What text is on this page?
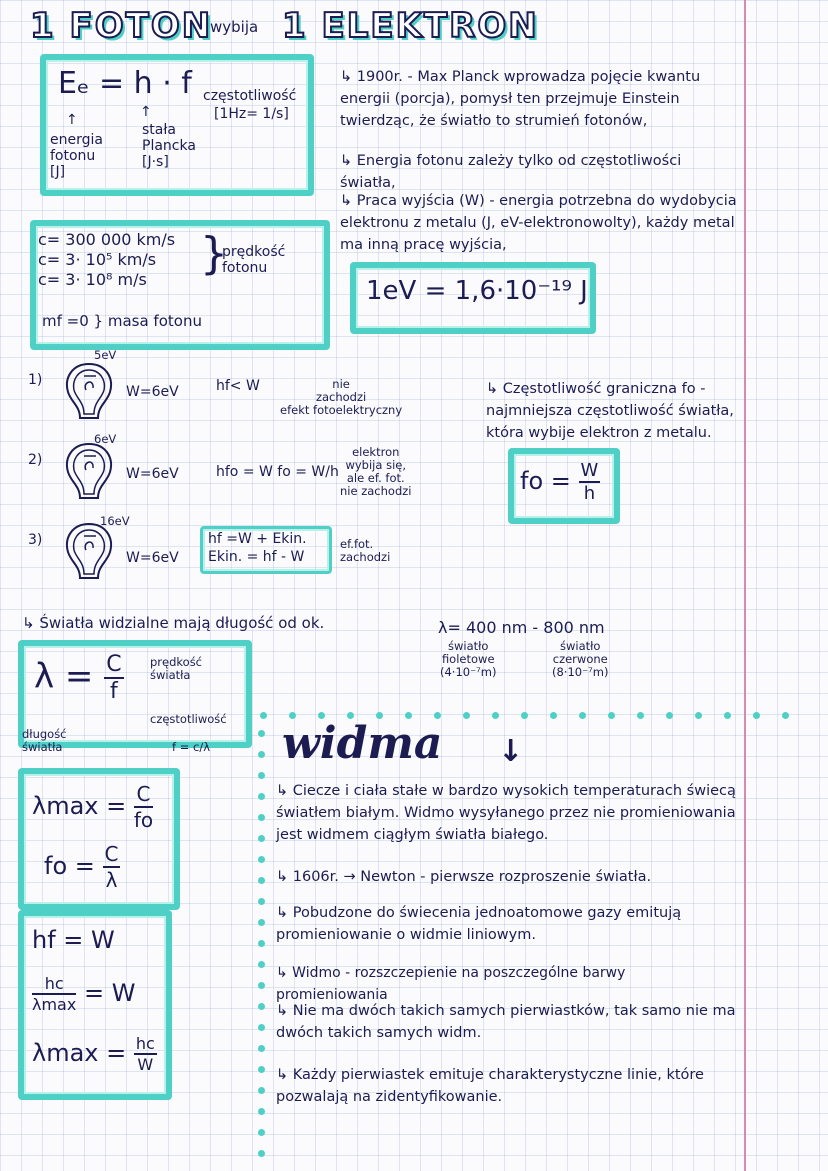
1 FOTON
wybija 1 ELEKTRON
Eₑ = h · f częstotliwość
[1Hz= 1/s]
↑	↑
energia
fotonu
[J]
stała
Plancka
[J·s]
c= 300 000 km/s
c= 3· 10⁵ km/s
c= 3· 10⁸ m/s
}
prędkość
fotonu
mf =0 } masa fotonu
↳ 1900r. - Max Planck wprowadza pojęcie kwantu energii (porcja), pomysł ten przejmuje Einstein twierdząc, że światło to strumień fotonów,
↳ Energia fotonu zależy tylko od częstotliwości światła,
↳ Praca wyjścia (W) - energia potrzebna do wydobycia elektronu z metalu (J, eV-elektronowolty), każdy metal ma inną pracę wyjścia,
1eV = 1,6·10⁻¹⁹ J
1)
5eV
W=6eV	hf< W	nie
zachodzi
efekt fotoelektryczny
2)
6eV
W=6eV	hfo = W fo = W/h
elektron
wybija się,
ale ef. fot.
nie zachodzi
3)
16eV
W=6eV
hf =W + Ekin.
Ekin. = hf - W
ef.fot.
zachodzi
↳ Częstotliwość graniczna fo - najmniejsza częstotliwość światła, która wybije elektron z metalu.
fo = $\frac{W}{h}$
↳ Światła widzialne mają długość od ok.	λ= 400 nm - 800 nm
światło
fioletowe
(4·10⁻⁷m)
światło
czerwone
(8·10⁻⁷m)
$\lambda = \frac{C}{f}$ prędkość
światła
częstotliwość
długość
światła	f = c/λ
$\lambda\max = \frac{C}{fo}$
fo = $\frac{C}{\lambda}$
hf = W
$\frac{hc}{\lambda\max} = W$
$\lambda\max = \frac{hc}{W}$
widma ↓
↳ Ciecze i ciała stałe w bardzo wysokich temperaturach świecą światłem białym. Widmo wysyłanego przez nie promieniowania jest widmem ciągłym światła białego.
↳ 1606r. → Newton - pierwsze rozproszenie światła.
↳ Pobudzone do świecenia jednoatomowe gazy emitują promieniowanie o widmie liniowym.
↳ Widmo - rozszczepienie na poszczególne barwy promieniowania
↳ Nie ma dwóch takich samych pierwiastków, tak samo nie ma dwóch takich samych widm.
↳ Każdy pierwiastek emituje charakterystyczne linie, które pozwalają na zidentyfikowanie.
